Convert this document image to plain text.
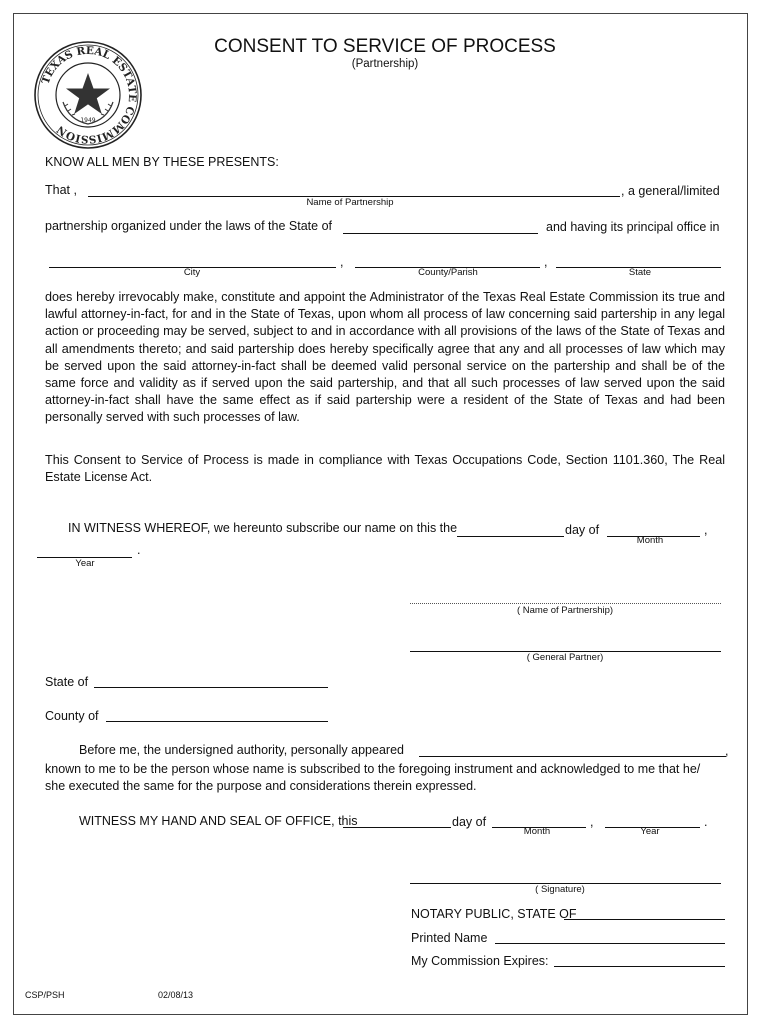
TEXAS REAL ESTATE COMMISSION
1949
CONSENT TO SERVICE OF PROCESS
(Partnership)
KNOW ALL MEN BY THESE PRESENTS:
That ,	, a general/limited
Name of Partnership
partnership organized under the laws of the State of	and having its principal office in
,	,
City	County/Parish	State
does hereby irrevocably make, constitute and appoint the Administrator of the Texas Real Estate Commission its true and lawful attorney-in-fact, for and in the State of Texas, upon whom all process of law concerning said partership in any legal action or proceeding may be served, subject to and in accordance with all provisions of the laws of the State of Texas and all amendments thereto; and said partership does hereby specifically agree that any and all processes of law which may be served upon the said attorney-in-fact shall be deemed valid personal service on the partership and shall be of the same force and validity as if served upon the said partership, and that all such processes of law served upon the said attorney-in-fact shall have the same effect as if said partership were a resident of the State of Texas and had been personally served with such processes of law.
This Consent to Service of Process is made in compliance with Texas Occupations Code, Section 1101.360, The Real Estate License Act.
IN WITNESS WHEREOF, we hereunto subscribe our name on this the	day of	,
Month
.
Year
( Name of Partnership)
( General Partner)
State of
County of
Before me, the undersigned authority, personally appeared	,
known to me to be the person whose name is subscribed to the foregoing instrument and acknowledged to me that he/
she executed the same for the purpose and considerations therein expressed.
WITNESS MY HAND AND SEAL OF OFFICE, this	day of	,	.
Month	Year
( Signature)
NOTARY PUBLIC, STATE OF
Printed Name
My Commission Expires:
CSP/PSH	02/08/13
